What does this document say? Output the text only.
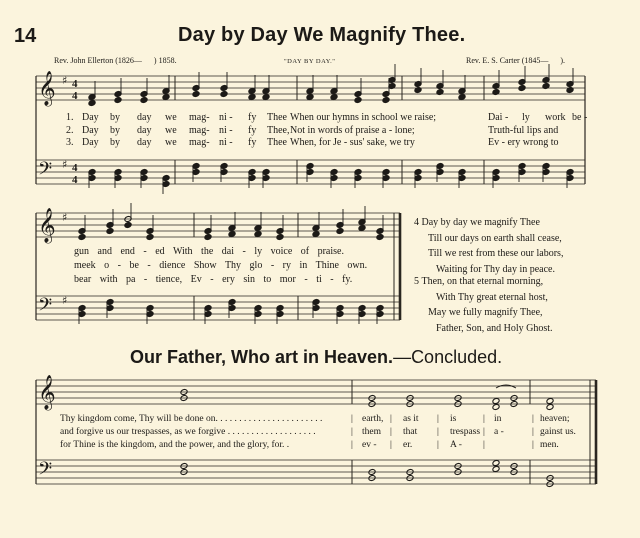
14	Day by Day We Magnify Thee.
Rev. John Ellerton (1826— ) 1858.	"DAY BY DAY."	Rev. E. S. Carter (1845— ).
𝄞
𝄢
♯
♯
4
4
4
4
𝄞
𝄢
♯
♯
𝄞
𝄢
1. Day by day we mag- ni - fy Thee When our hymns in school we raise;	Dai - ly work be -
2. Day by day we mag- ni - fy Thee, Not in words of praise a - lone;	Truth-ful lips and
3. Day by day we mag- ni - fy Thee When, for Je - sus' sake, we try	Ev - ery wrong to
gun and end - ed With the dai - ly voice of praise.
meek o - be - dience Show Thy glo - ry in Thine own.
bear with pa - tience, Ev - ery sin to mor - ti - fy.
4 Day by day we magnify Thee
Till our days on earth shall cease,
Till we rest from these our labors,
Waiting for Thy day in peace.
5 Then, on that eternal morning,
With Thy great eternal host,
May we fully magnify Thee,
Father, Son, and Holy Ghost.
Our Father, Who art in Heaven.—Concluded.
Thy kingdom come, Thy will be done on. . . . . . . . . . . . . . . . . . . . . . .	earth, as it	is	in	heaven;
|	|	|	|	|
and forgive us our trespasses, as we forgive . . . . . . . . . . . . . . . . . . .	them that	trespass a -	gainst us.
|	|	|	|	|
for Thine is the kingdom, and the power, and the glory, for. .	ev -	er.	A -	men.
|	|	|	|	|
